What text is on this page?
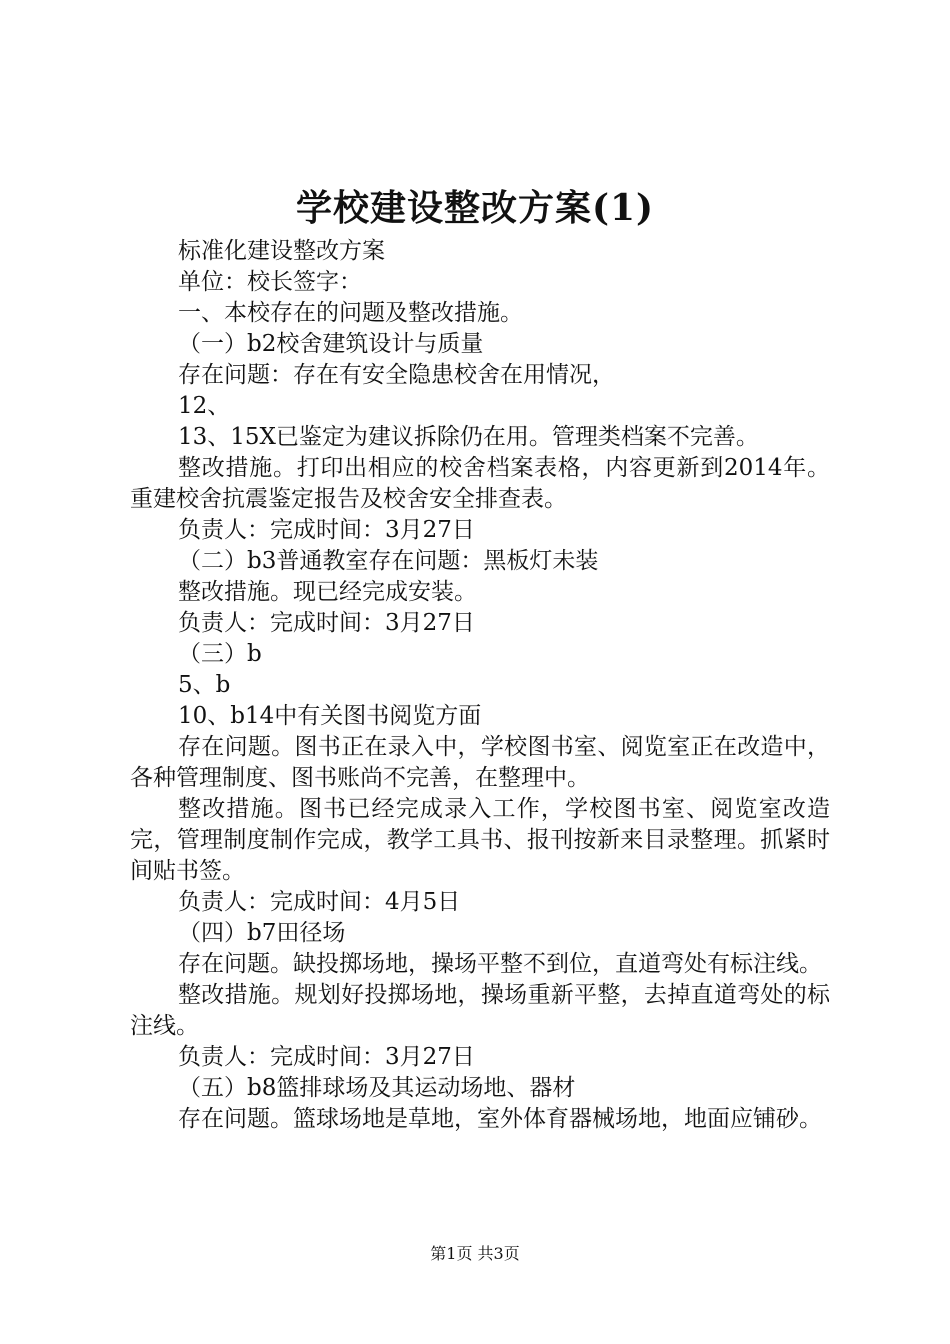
学校建设整改方案(1)

标准化建设整改方案

单位：校长签字：

一、本校存在的问题及整改措施。

（一）b2校舍建筑设计与质量

存在问题：存在有安全隐患校舍在用情况，

12、

13、15X已鉴定为建议拆除仍在用。管理类档案不完善。

整改措施。打印出相应的校舍档案表格，内容更新到2014年。重建校舍抗震鉴定报告及校舍安全排查表。

负责人：完成时间：3月27日

（二）b3普通教室存在问题：黑板灯未装

整改措施。现已经完成安装。

负责人：完成时间：3月27日

（三）b

5、b

10、b14中有关图书阅览方面

存在问题。图书正在录入中，学校图书室、阅览室正在改造中，各种管理制度、图书账尚不完善，在整理中。

整改措施。图书已经完成录入工作，学校图书室、阅览室改造完，管理制度制作完成，教学工具书、报刊按新来目录整理。抓紧时间贴书签。

负责人：完成时间：4月5日

（四）b7田径场

存在问题。缺投掷场地，操场平整不到位，直道弯处有标注线。

整改措施。规划好投掷场地，操场重新平整，去掉直道弯处的标注线。

负责人：完成时间：3月27日

（五）b8篮排球场及其运动场地、器材

存在问题。篮球场地是草地，室外体育器械场地，地面应铺砂。

第1页 共3页
